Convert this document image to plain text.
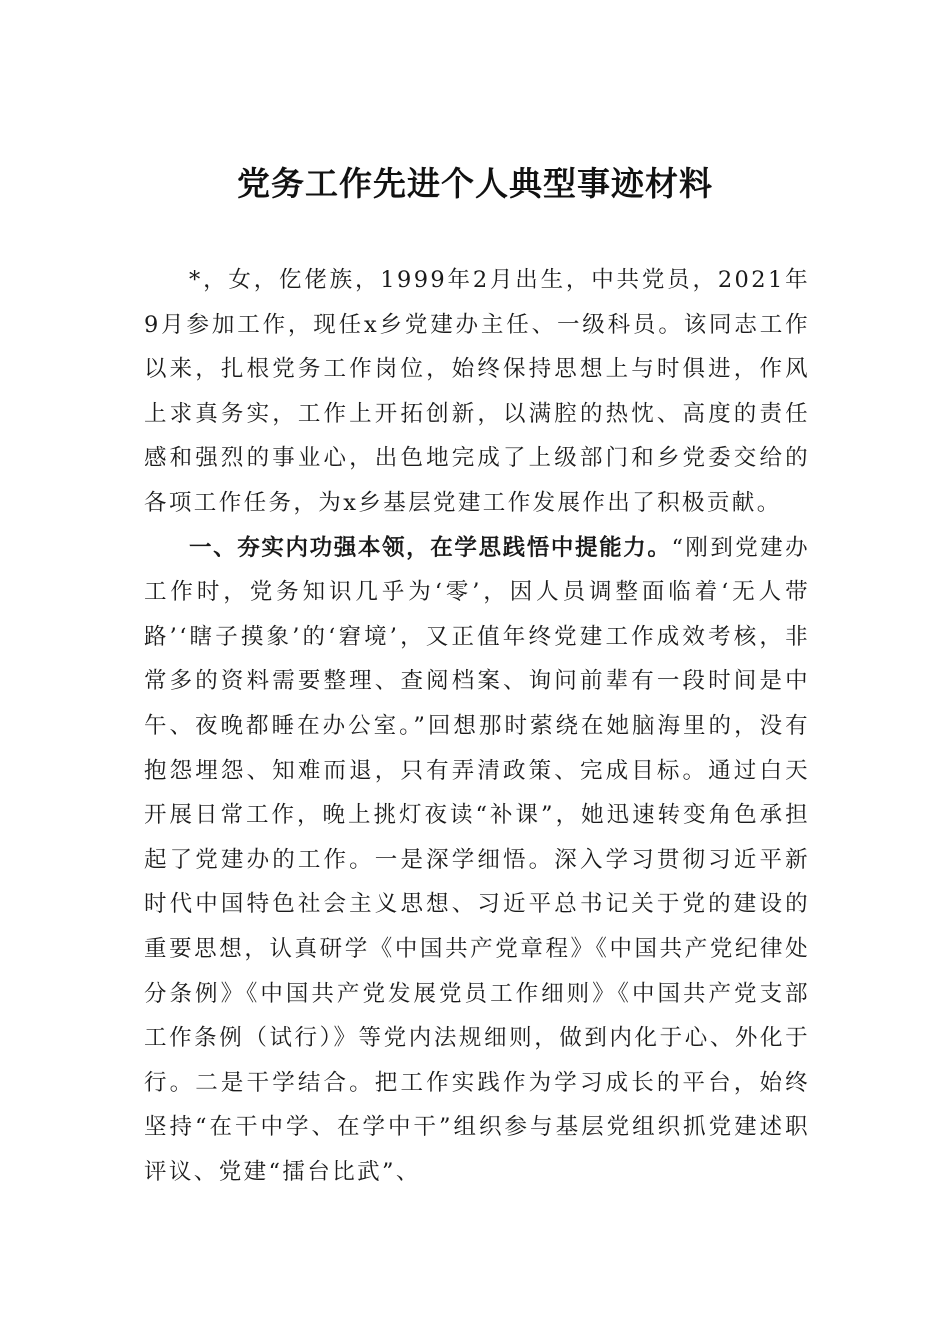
党务工作先进个人典型事迹材料

*，女，仡佬族，1999年2月出生，中共党员，2021年9月参加工作，现任x乡党建办主任、一级科员。该同志工作以来，扎根党务工作岗位，始终保持思想上与时俱进，作风上求真务实，工作上开拓创新，以满腔的热忱、高度的责任感和强烈的事业心，出色地完成了上级部门和乡党委交给的各项工作任务，为x乡基层党建工作发展作出了积极贡献。

一、夯实内功强本领，在学思践悟中提能力。“刚到党建办工作时，党务知识几乎为‘零’，因人员调整面临着‘无人带路’‘瞎子摸象’的‘窘境’，又正值年终党建工作成效考核，非常多的资料需要整理、查阅档案、询问前辈有一段时间是中午、夜晚都睡在办公室。”回想那时萦绕在她脑海里的，没有抱怨埋怨、知难而退，只有弄清政策、完成目标。通过白天开展日常工作，晚上挑灯夜读“补课”，她迅速转变角色承担起了党建办的工作。一是深学细悟。深入学习贯彻习近平新时代中国特色社会主义思想、习近平总书记关于党的建设的重要思想，认真研学《中国共产党章程》《中国共产党纪律处分条例》《中国共产党发展党员工作细则》《中国共产党支部工作条例（试行）》等党内法规细则，做到内化于心、外化于行。二是干学结合。把工作实践作为学习成长的平台，始终坚持“在干中学、在学中干”组织参与基层党组织抓党建述职评议、党建“擂台比武”、
